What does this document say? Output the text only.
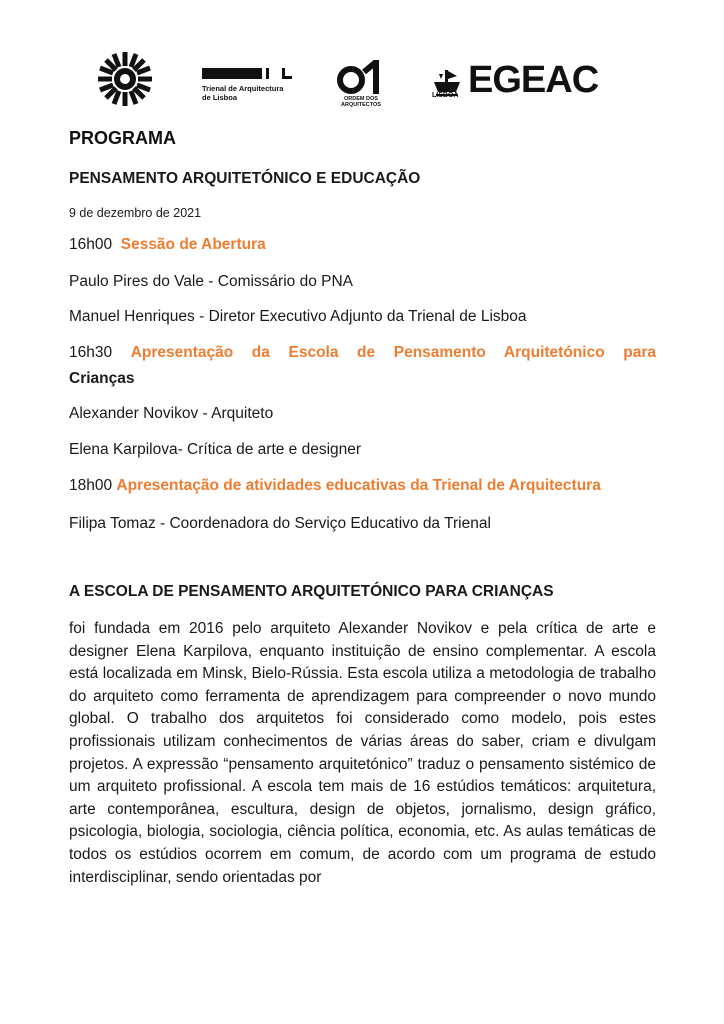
Trienal de Arquitectura
de Lisboa	ORDEM DOS
ARQUITECTOS
LISBOA EGEAC
PROGRAMA
PENSAMENTO ARQUITETÓNICO E EDUCAÇÃO
9 de dezembro de 2021
16h00 Sessão de Abertura
Paulo Pires do Vale - Comissário do PNA
Manuel Henriques - Diretor Executivo Adjunto da Trienal de Lisboa
16h30 Apresentação da Escola de Pensamento Arquitetónico para
Crianças
Alexander Novikov - Arquiteto
Elena Karpilova- Crítica de arte e designer
18h00 Apresentação de atividades educativas da Trienal de Arquitectura
Filipa Tomaz - Coordenadora do Serviço Educativo da Trienal
A ESCOLA DE PENSAMENTO ARQUITETÓNICO PARA CRIANÇAS
foi fundada em 2016 pelo arquiteto Alexander Novikov e pela crítica de arte e designer Elena Karpilova, enquanto instituição de ensino complementar. A escola está localizada em Minsk, Bielo-Rússia. Esta escola utiliza a metodologia de trabalho do arquiteto como ferramenta de aprendizagem para compreender o novo mundo global. O trabalho dos arquitetos foi considerado como modelo, pois estes profissionais utilizam conhecimentos de várias áreas do saber, criam e divulgam projetos. A expressão “pensamento arquitetónico” traduz o pensamento sistémico de um arquiteto profissional. A escola tem mais de 16 estúdios temáticos: arquitetura, arte contemporânea, escultura, design de objetos, jornalismo, design gráfico, psicologia, biologia, sociologia, ciência política, economia, etc. As aulas temáticas de todos os estúdios ocorrem em comum, de acordo com um programa de estudo interdisciplinar, sendo orientadas por
